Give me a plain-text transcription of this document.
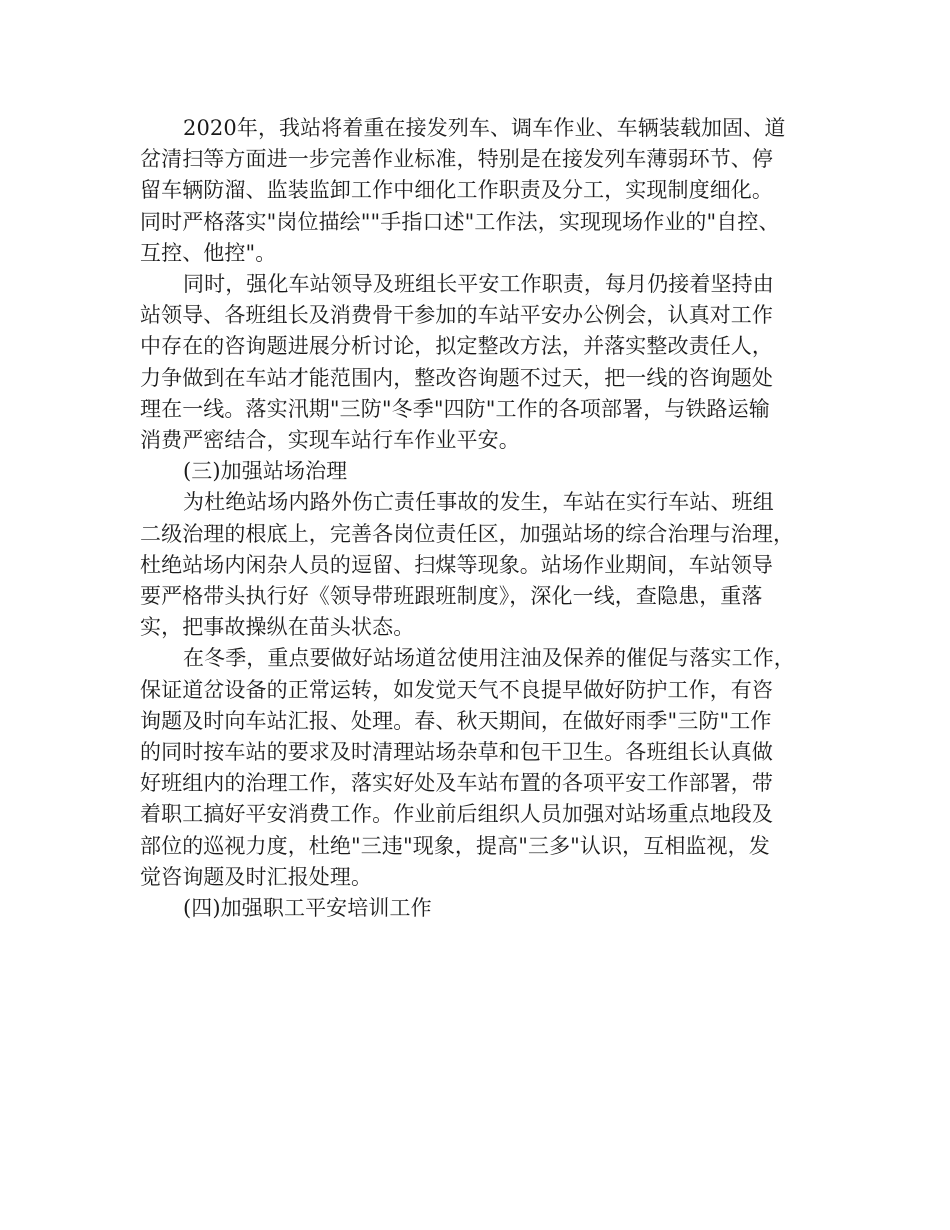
2020年，我站将着重在接发列车、调车作业、车辆装载加固、道

岔清扫等方面进一步完善作业标准，特别是在接发列车薄弱环节、停

留车辆防溜、监装监卸工作中细化工作职责及分工，实现制度细化。

同时严格落实"岗位描绘""手指口述"工作法，实现现场作业的"自控、

互控、他控"。

同时，强化车站领导及班组长平安工作职责，每月仍接着坚持由

站领导、各班组长及消费骨干参加的车站平安办公例会，认真对工作

中存在的咨询题进展分析讨论，拟定整改方法，并落实整改责任人，

力争做到在车站才能范围内，整改咨询题不过天，把一线的咨询题处

理在一线。落实汛期"三防"冬季"四防"工作的各项部署，与铁路运输

消费严密结合，实现车站行车作业平安。

(三)加强站场治理

为杜绝站场内路外伤亡责任事故的发生，车站在实行车站、班组

二级治理的根底上，完善各岗位责任区，加强站场的综合治理与治理，

杜绝站场内闲杂人员的逗留、扫煤等现象。站场作业期间，车站领导

要严格带头执行好《领导带班跟班制度》，深化一线，查隐患，重落

实，把事故操纵在苗头状态。

在冬季，重点要做好站场道岔使用注油及保养的催促与落实工作，

保证道岔设备的正常运转，如发觉天气不良提早做好防护工作，有咨

询题及时向车站汇报、处理。春、秋天期间，在做好雨季"三防"工作

的同时按车站的要求及时清理站场杂草和包干卫生。各班组长认真做

好班组内的治理工作，落实好处及车站布置的各项平安工作部署，带

着职工搞好平安消费工作。作业前后组织人员加强对站场重点地段及

部位的巡视力度，杜绝"三违"现象，提高"三多"认识，互相监视，发

觉咨询题及时汇报处理。

(四)加强职工平安培训工作
